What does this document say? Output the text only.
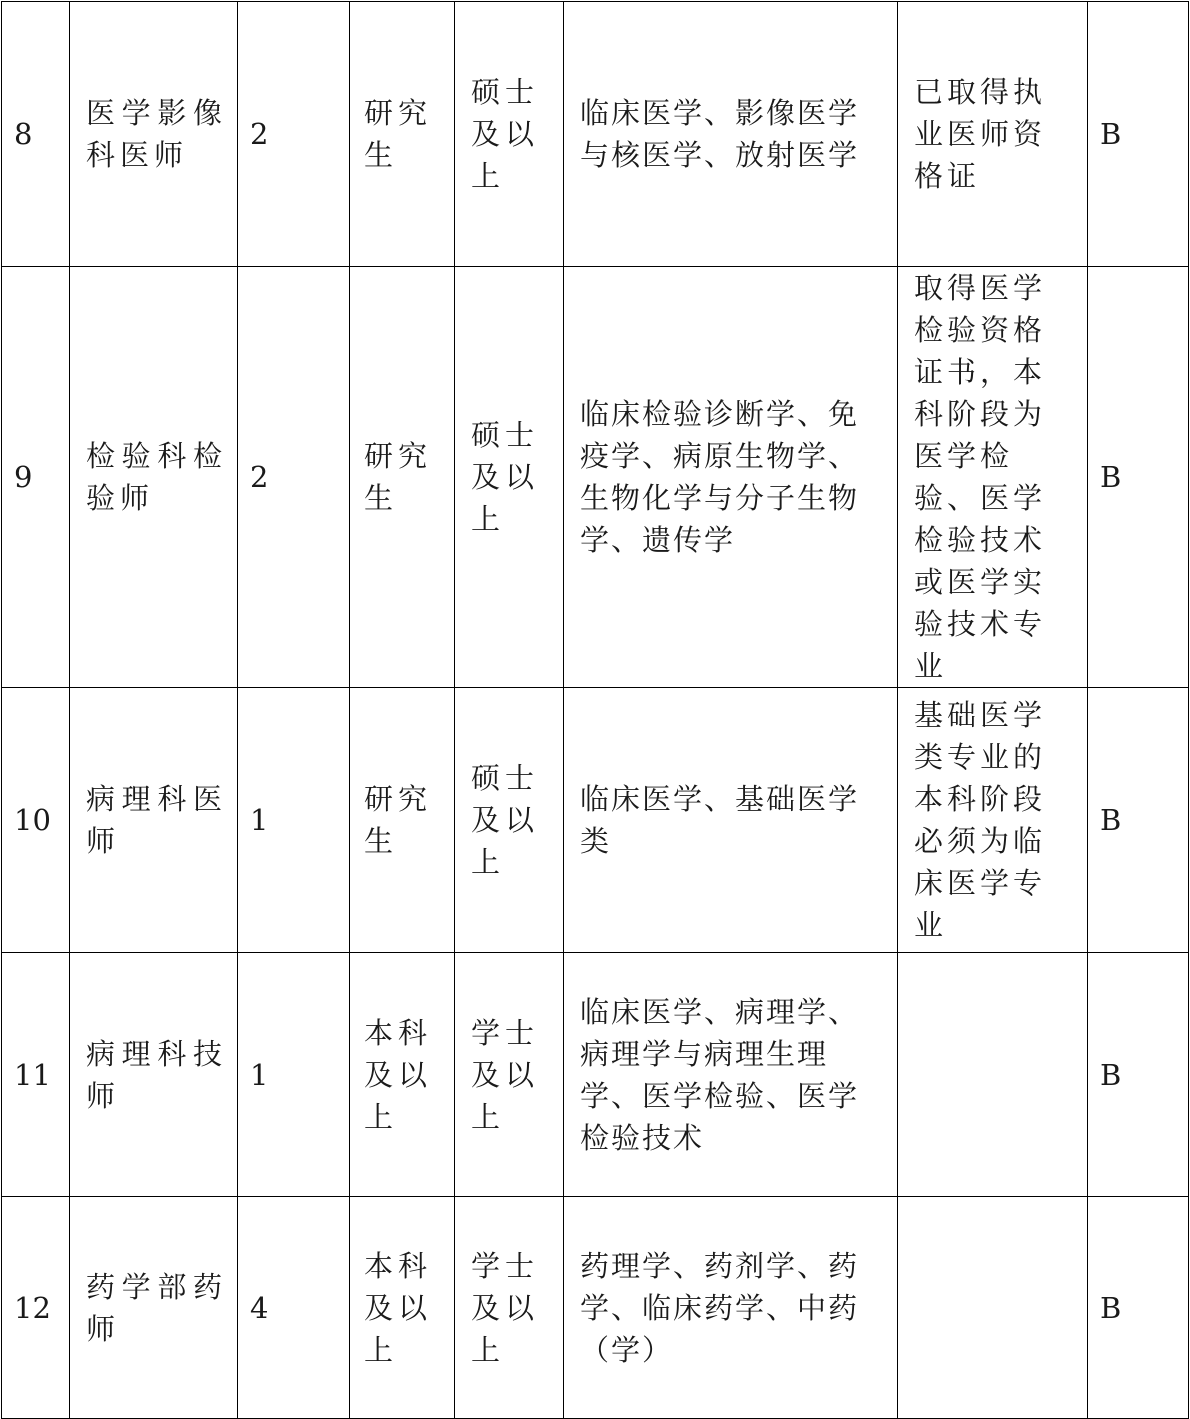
8	医学影像科医师	2	研究生	硕士及以上	临床医学、影像医学与核医学、放射医学	已取得执业医师资格证	B
9	检验科检验师	2	研究生	硕士及以上	临床检验诊断学、免疫学、病原生物学、生物化学与分子生物学、遗传学	取得医学检验资格证书，本科阶段为医学检验、医学检验技术或医学实验技术专业	B
10	病理科医师	1	研究生	硕士及以上	临床医学、基础医学类	基础医学类专业的本科阶段必须为临床医学专业	B
11	病理科技师	1	本科及以上	学士及以上	临床医学、病理学、病理学与病理生理学、医学检验、医学检验技术		B
12	药学部药师	4	本科及以上	学士及以上	药理学、药剂学、药学、临床药学、中药（学）		B
